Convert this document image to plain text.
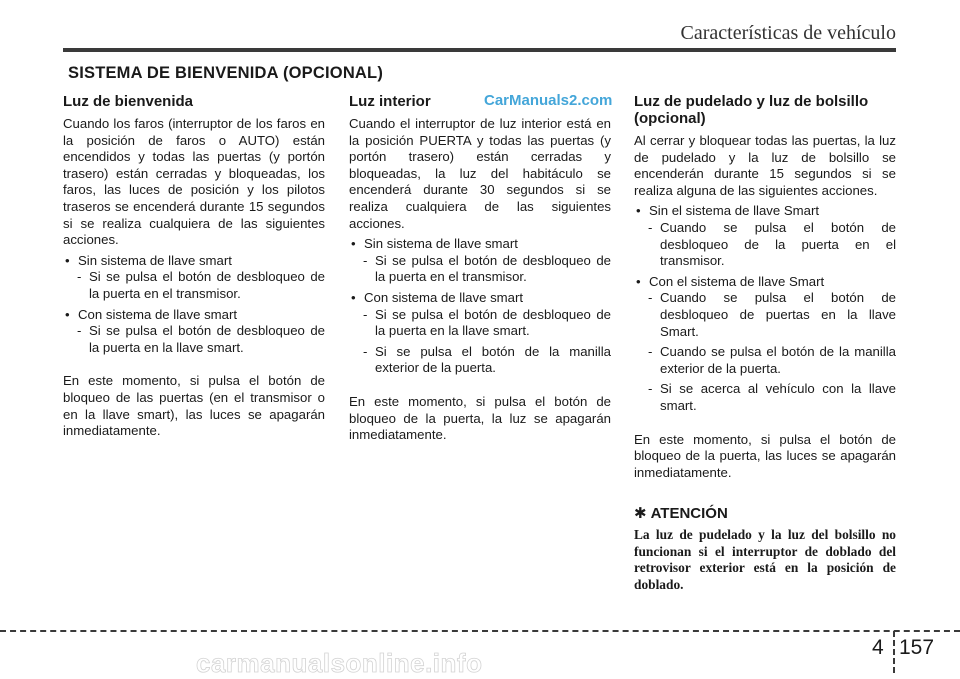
Características de vehículo
SISTEMA DE BIENVENIDA (OPCIONAL)
CarManuals2.com
Luz de bienvenida

Cuando los faros (interruptor de los faros en la posición de faros o AUTO) están encendidos y todas las puertas (y portón trasero) están cerradas y bloqueadas, los faros, las luces de posición y los pilotos traseros se encenderá durante 15 segundos si se realiza cualquiera de las siguientes acciones.

• Sin sistema de llave smart
- Si se pulsa el botón de desbloqueo de la puerta en el transmisor.
• Con sistema de llave smart
- Si se pulsa el botón de desbloqueo de la puerta en la llave smart.

En este momento, si pulsa el botón de bloqueo de las puertas (en el transmisor o en la llave smart), las luces se apagarán inmediatamente.

Luz interior

Cuando el interruptor de luz interior está en la posición PUERTA y todas las puertas (y portón trasero) están cerradas y bloqueadas, la luz del habitáculo se encenderá durante 30 segundos si se realiza cualquiera de las siguientes acciones.

• Sin sistema de llave smart
- Si se pulsa el botón de desbloqueo de la puerta en el transmisor.
• Con sistema de llave smart
- Si se pulsa el botón de desbloqueo de la puerta en la llave smart.
- Si se pulsa el botón de la manilla exterior de la puerta.

En este momento, si pulsa el botón de bloqueo de la puerta, la luz se apagarán inmediatamente.

Luz de pudelado y luz de bolsillo (opcional)

Al cerrar y bloquear todas las puertas, la luz de pudelado y la luz de bolsillo se encenderán durante 15 segundos si se realiza alguna de las siguientes acciones.

• Sin el sistema de llave Smart
- Cuando se pulsa el botón de desbloqueo de la puerta en el transmisor.
• Con el sistema de llave Smart
- Cuando se pulsa el botón de desbloqueo de puertas en la llave Smart.
- Cuando se pulsa el botón de la manilla exterior de la puerta.
- Si se acerca al vehículo con la llave smart.

En este momento, si pulsa el botón de bloqueo de la puerta, las luces se apagarán inmediatamente.

✱ ATENCIÓN

La luz de pudelado y la luz del bolsillo no funcionan si el interruptor de doblado del retrovisor exterior está en la posición de doblado.

4 157
carmanualsonline.info
